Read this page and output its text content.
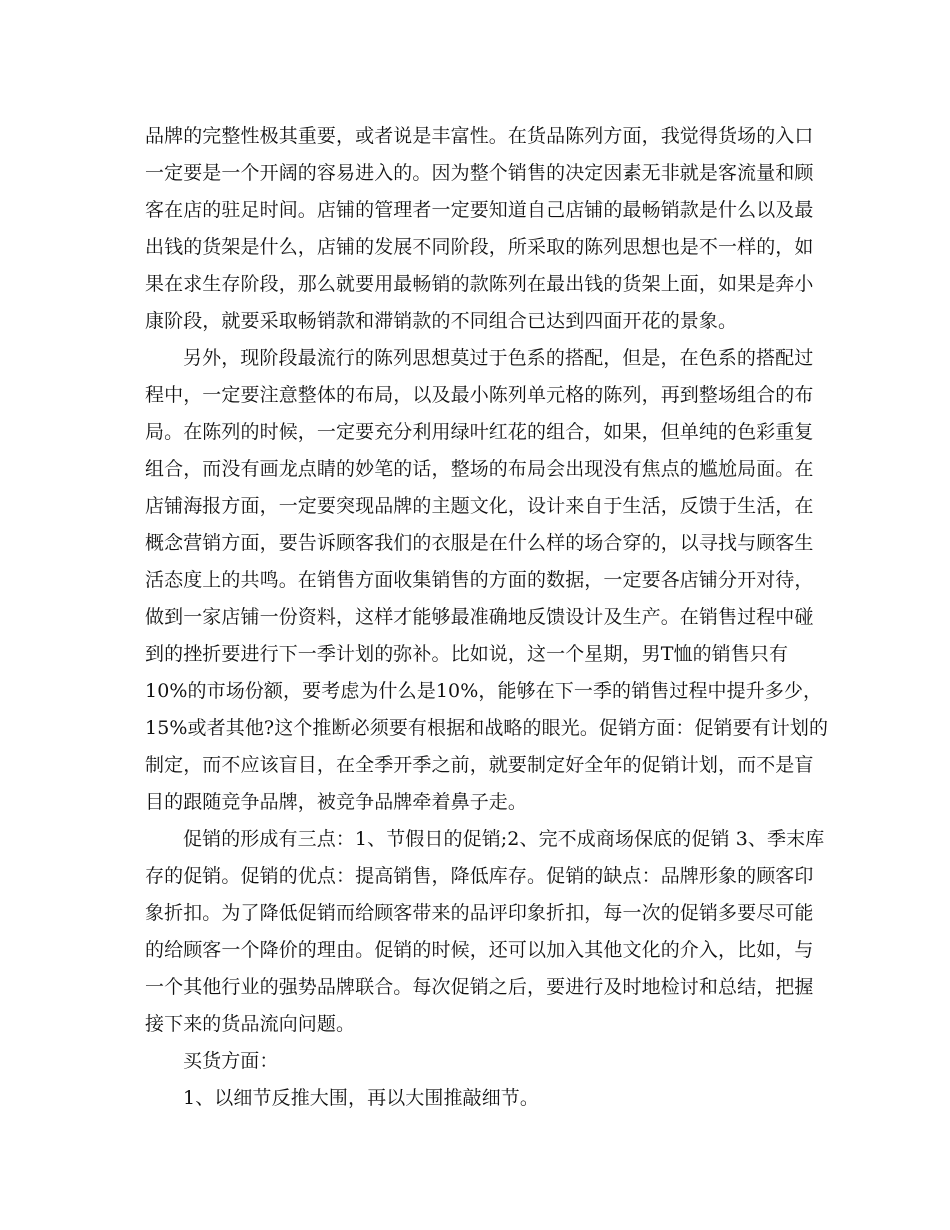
品牌的完整性极其重要，或者说是丰富性。在货品陈列方面，我觉得货场的入口
一定要是一个开阔的容易进入的。因为整个销售的决定因素无非就是客流量和顾
客在店的驻足时间。店铺的管理者一定要知道自己店铺的最畅销款是什么以及最
出钱的货架是什么，店铺的发展不同阶段，所采取的陈列思想也是不一样的，如
果在求生存阶段，那么就要用最畅销的款陈列在最出钱的货架上面，如果是奔小
康阶段，就要采取畅销款和滞销款的不同组合已达到四面开花的景象。
另外，现阶段最流行的陈列思想莫过于色系的搭配，但是，在色系的搭配过
程中，一定要注意整体的布局，以及最小陈列单元格的陈列，再到整场组合的布
局。在陈列的时候，一定要充分利用绿叶红花的组合，如果，但单纯的色彩重复
组合，而没有画龙点睛的妙笔的话，整场的布局会出现没有焦点的尴尬局面。在
店铺海报方面，一定要突现品牌的主题文化，设计来自于生活，反馈于生活，在
概念营销方面，要告诉顾客我们的衣服是在什么样的场合穿的，以寻找与顾客生
活态度上的共鸣。在销售方面收集销售的方面的数据，一定要各店铺分开对待，
做到一家店铺一份资料，这样才能够最准确地反馈设计及生产。在销售过程中碰
到的挫折要进行下一季计划的弥补。比如说，这一个星期，男T恤的销售只有
10%的市场份额，要考虑为什么是10%，能够在下一季的销售过程中提升多少，
15%或者其他?这个推断必须要有根据和战略的眼光。促销方面：促销要有计划的
制定，而不应该盲目，在全季开季之前，就要制定好全年的促销计划，而不是盲
目的跟随竞争品牌，被竞争品牌牵着鼻子走。
促销的形成有三点：1、节假日的促销;2、完不成商场保底的促销 3、季末库
存的促销。促销的优点：提高销售，降低库存。促销的缺点：品牌形象的顾客印
象折扣。为了降低促销而给顾客带来的品评印象折扣，每一次的促销多要尽可能
的给顾客一个降价的理由。促销的时候，还可以加入其他文化的介入，比如，与
一个其他行业的强势品牌联合。每次促销之后，要进行及时地检讨和总结，把握
接下来的货品流向问题。
买货方面：
1、以细节反推大围，再以大围推敲细节。
